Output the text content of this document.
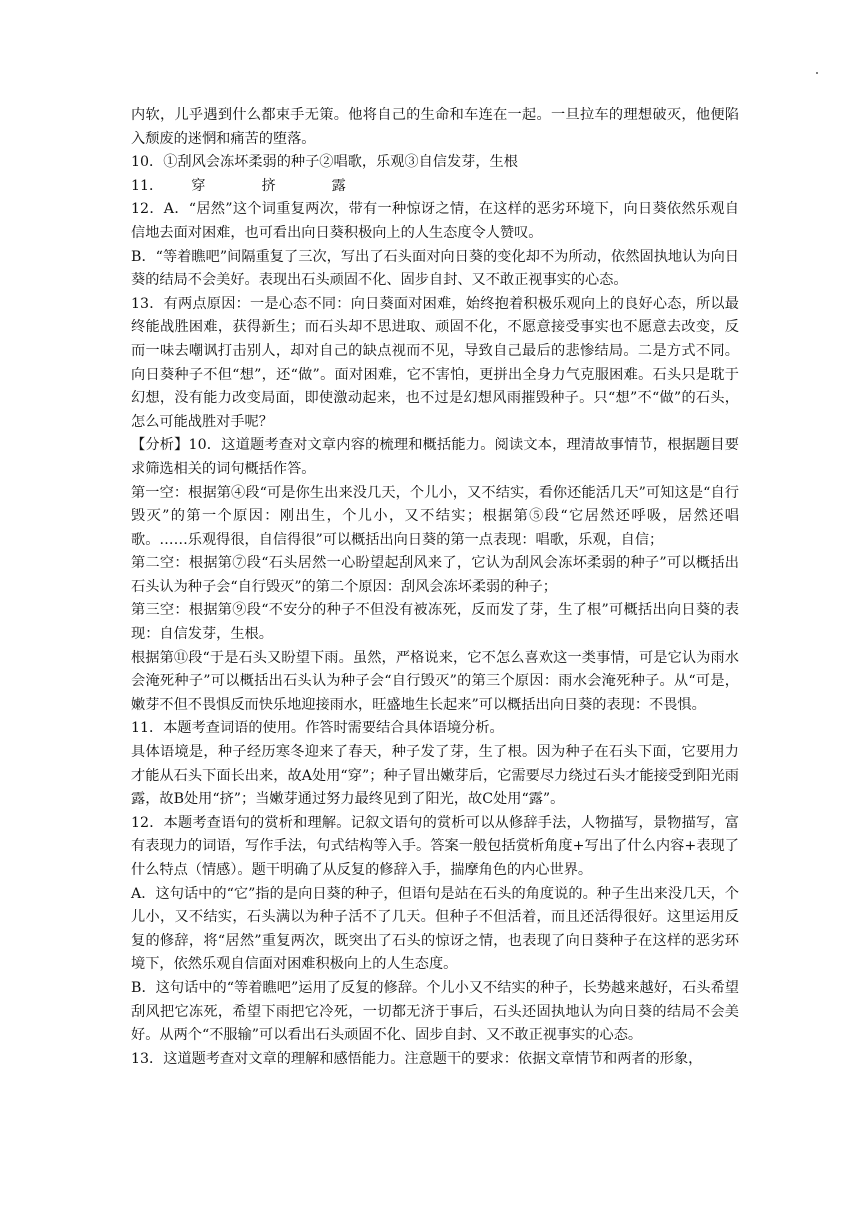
内软，儿乎遇到什么都束手无策。他将自己的生命和车连在一起。一旦拉车的理想破灭，他便陷入颓废的迷惘和痛苦的堕落。

10．①刮风会冻坏柔弱的种子②唱歌，乐观③自信发芽，生根

11． 穿	挤	露

12．A．“居然”这个词重复两次，带有一种惊讶之情，在这样的恶劣环境下，向日葵依然乐观自信地去面对困难，也可看出向日葵积极向上的人生态度令人赞叹。

B．“等着瞧吧”间隔重复了三次，写出了石头面对向日葵的变化却不为所动，依然固执地认为向日葵的结局不会美好。表现出石头顽固不化、固步自封、又不敢正视事实的心态。

13．有两点原因：一是心态不同：向日葵面对困难，始终抱着积极乐观向上的良好心态，所以最终能战胜困难，获得新生；而石头却不思进取、顽固不化，不愿意接受事实也不愿意去改变，反而一味去嘲讽打击别人，却对自己的缺点视而不见，导致自己最后的悲惨结局。二是方式不同。向日葵种子不但“想”，还“做”。面对困难，它不害怕，更拼出全身力气克服困难。石头只是耽于幻想，没有能力改变局面，即使激动起来，也不过是幻想风雨摧毁种子。只“想”不“做”的石头，怎么可能战胜对手呢？

【分析】10．这道题考查对文章内容的梳理和概括能力。阅读文本，理清故事情节，根据题目要求筛选相关的词句概括作答。

第一空：根据第④段“可是你生出来没几天，个儿小，又不结实，看你还能活几天”可知这是“自行毁灭”的第一个原因：刚出生，个儿小，又不结实；根据第⑤段“它居然还呼吸，居然还唱歌。……乐观得很，自信得很”可以概括出向日葵的第一点表现：唱歌，乐观，自信；

第二空：根据第⑦段“石头居然一心盼望起刮风来了，它认为刮风会冻坏柔弱的种子”可以概括出石头认为种子会“自行毁灭”的第二个原因：刮风会冻坏柔弱的种子；

第三空：根据第⑨段“不安分的种子不但没有被冻死，反而发了芽，生了根”可概括出向日葵的表现：自信发芽，生根。

根据第⑪段“于是石头又盼望下雨。虽然，严格说来，它不怎么喜欢这一类事情，可是它认为雨水会淹死种子”可以概括出石头认为种子会“自行毁灭”的第三个原因：雨水会淹死种子。从“可是，嫩芽不但不畏惧反而快乐地迎接雨水，旺盛地生长起来”可以概括出向日葵的表现：不畏惧。

11．本题考查词语的使用。作答时需要结合具体语境分析。

具体语境是，种子经历寒冬迎来了春天，种子发了芽，生了根。因为种子在石头下面，它要用力才能从石头下面长出来，故A处用“穿”；种子冒出嫩芽后，它需要尽力绕过石头才能接受到阳光雨露，故B处用“挤”；当嫩芽通过努力最终见到了阳光，故C处用“露”。

12．本题考查语句的赏析和理解。记叙文语句的赏析可以从修辞手法，人物描写，景物描写，富有表现力的词语，写作手法，句式结构等入手。答案一般包括赏析角度+写出了什么内容+表现了什么特点（情感）。题干明确了从反复的修辞入手，揣摩角色的内心世界。

A．这句话中的“它”指的是向日葵的种子，但语句是站在石头的角度说的。种子生出来没几天，个儿小，又不结实，石头满以为种子活不了几天。但种子不但活着，而且还活得很好。这里运用反复的修辞，将“居然”重复两次，既突出了石头的惊讶之情，也表现了向日葵种子在这样的恶劣环境下，依然乐观自信面对困难积极向上的人生态度。

B．这句话中的“等着瞧吧”运用了反复的修辞。个儿小又不结实的种子，长势越来越好，石头希望刮风把它冻死，希望下雨把它冷死，一切都无济于事后，石头还固执地认为向日葵的结局不会美好。从两个“不服输”可以看出石头顽固不化、固步自封、又不敢正视事实的心态。

13．这道题考查对文章的理解和感悟能力。注意题干的要求：依据文章情节和两者的形象，
